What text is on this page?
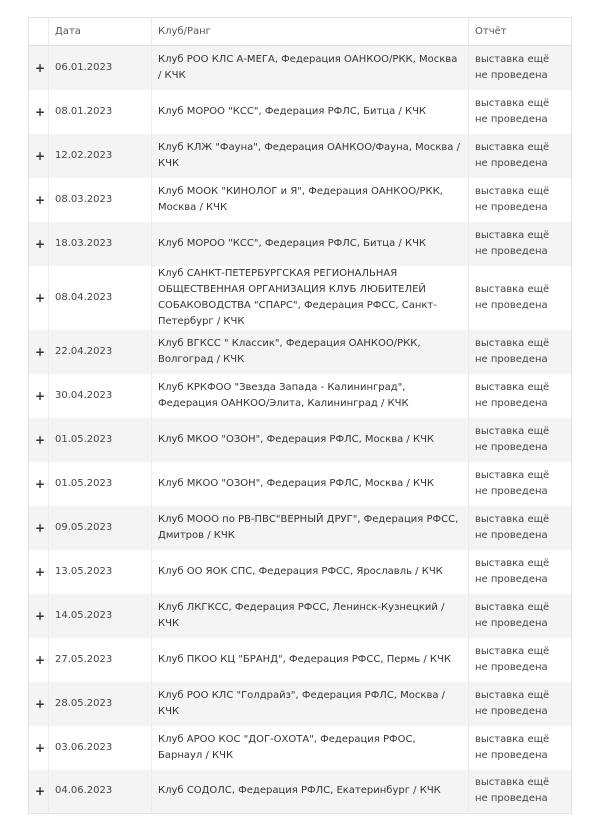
	Дата	Клуб/Ранг	Отчёт
+	06.01.2023	Клуб РОО КЛС А-МЕГА, Федерация ОАНКОО/РКК, Москва / КЧК	выставка ещё не проведена
+	08.01.2023	Клуб МОРОО "КСС", Федерация РФЛС, Битца / КЧК	выставка ещё не проведена
+	12.02.2023	Клуб КЛЖ "Фауна", Федерация ОАНКОО/Фауна, Москва / КЧК	выставка ещё не проведена
+	08.03.2023	Клуб МООК "КИНОЛОГ и Я", Федерация ОАНКОО/РКК, Москва / КЧК	выставка ещё не проведена
+	18.03.2023	Клуб МОРОО "КСС", Федерация РФЛС, Битца / КЧК	выставка ещё не проведена
+	08.04.2023	Клуб САНКТ-ПЕТЕРБУРГСКАЯ РЕГИОНАЛЬНАЯ ОБЩЕСТВЕННАЯ ОРГАНИЗАЦИЯ КЛУБ ЛЮБИТЕЛЕЙ СОБАКОВОДСТВА "СПАРС", Федерация РФСС, Санкт-Петербург / КЧК	выставка ещё не проведена
+	22.04.2023	Клуб ВГКСС " Классик", Федерация ОАНКОО/РКК, Волгоград / КЧК	выставка ещё не проведена
+	30.04.2023	Клуб КРКФОО "Звезда Запада - Калининград", Федерация ОАНКОО/Элита, Калининград / КЧК	выставка ещё не проведена
+	01.05.2023	Клуб МКОО "ОЗОН", Федерация РФЛС, Москва / КЧК	выставка ещё не проведена
+	01.05.2023	Клуб МКОО "ОЗОН", Федерация РФЛС, Москва / КЧК	выставка ещё не проведена
+	09.05.2023	Клуб МООО по РВ-ПВС"ВЕРНЫЙ ДРУГ", Федерация РФСС, Дмитров / КЧК	выставка ещё не проведена
+	13.05.2023	Клуб ОО ЯОК СПС, Федерация РФСС, Ярославль / КЧК	выставка ещё не проведена
+	14.05.2023	Клуб ЛКГКСС, Федерация РФСС, Ленинск-Кузнецкий / КЧК	выставка ещё не проведена
+	27.05.2023	Клуб ПКОО КЦ "БРАНД", Федерация РФСС, Пермь / КЧК	выставка ещё не проведена
+	28.05.2023	Клуб РОО КЛС "Голдрайз", Федерация РФЛС, Москва / КЧК	выставка ещё не проведена
+	03.06.2023	Клуб АРОО КОС "ДОГ-ОХОТА", Федерация РФОС, Барнаул / КЧК	выставка ещё не проведена
+	04.06.2023	Клуб СОДОЛС, Федерация РФЛС, Екатеринбург / КЧК	выставка ещё не проведена
